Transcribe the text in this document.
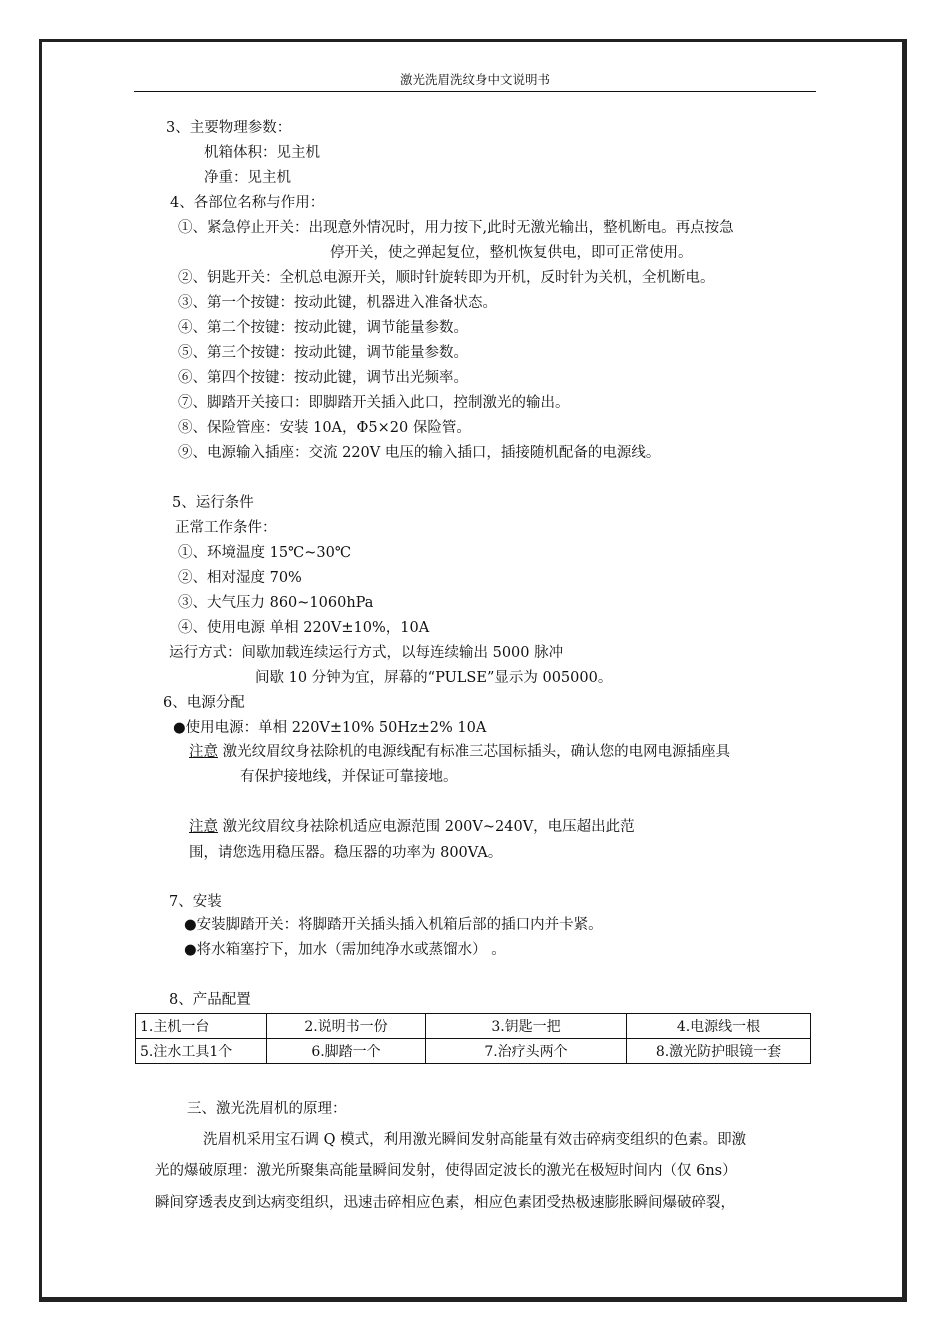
激光洗眉洗纹身中文说明书
3、主要物理参数：
机箱体积：见主机
净重：见主机
4、各部位名称与作用：
①、紧急停止开关：出现意外情况时，用力按下,此时无激光输出，整机断电。再点按急
停开关，使之弹起复位，整机恢复供电，即可正常使用。
②、钥匙开关：全机总电源开关，顺时针旋转即为开机，反时针为关机，全机断电。
③、第一个按键：按动此键，机器进入准备状态。
④、第二个按键：按动此键，调节能量参数。
⑤、第三个按键：按动此键，调节能量参数。
⑥、第四个按键：按动此键，调节出光频率。
⑦、脚踏开关接口：即脚踏开关插入此口，控制激光的输出。
⑧、保险管座：安装 10A，Φ5×20 保险管。
⑨、电源输入插座：交流 220V 电压的输入插口，插接随机配备的电源线。
5、运行条件
正常工作条件：
①、环境温度 15℃~30℃
②、相对湿度 70%
③、大气压力 860~1060hPa
④、使用电源 单相 220V±10%，10A
运行方式：间歇加载连续运行方式，以每连续输出 5000 脉冲
间歇 10 分钟为宜，屏幕的“PULSE”显示为 005000。
6、电源分配
●使用电源：单相 220V±10% 50Hz±2% 10A
注意 激光纹眉纹身祛除机的电源线配有标准三芯国标插头，确认您的电网电源插座具
有保护接地线，并保证可靠接地。
注意 激光纹眉纹身祛除机适应电源范围 200V~240V，电压超出此范
围，请您选用稳压器。稳压器的功率为 800VA。
7、安装
●安装脚踏开关：将脚踏开关插头插入机箱后部的插口内并卡紧。
●将水箱塞拧下，加水（需加纯净水或蒸馏水） 。
8、产品配置
1.主机一台	2.说明书一份	3.钥匙一把	4.电源线一根
5.注水工具1个	6.脚踏一个	7.治疗头两个	8.激光防护眼镜一套
三、激光洗眉机的原理：
洗眉机采用宝石调 Q 模式，利用激光瞬间发射高能量有效击碎病变组织的色素。即激
光的爆破原理：激光所聚集高能量瞬间发射，使得固定波长的激光在极短时间内（仅 6ns）
瞬间穿透表皮到达病变组织，迅速击碎相应色素，相应色素团受热极速膨胀瞬间爆破碎裂，
